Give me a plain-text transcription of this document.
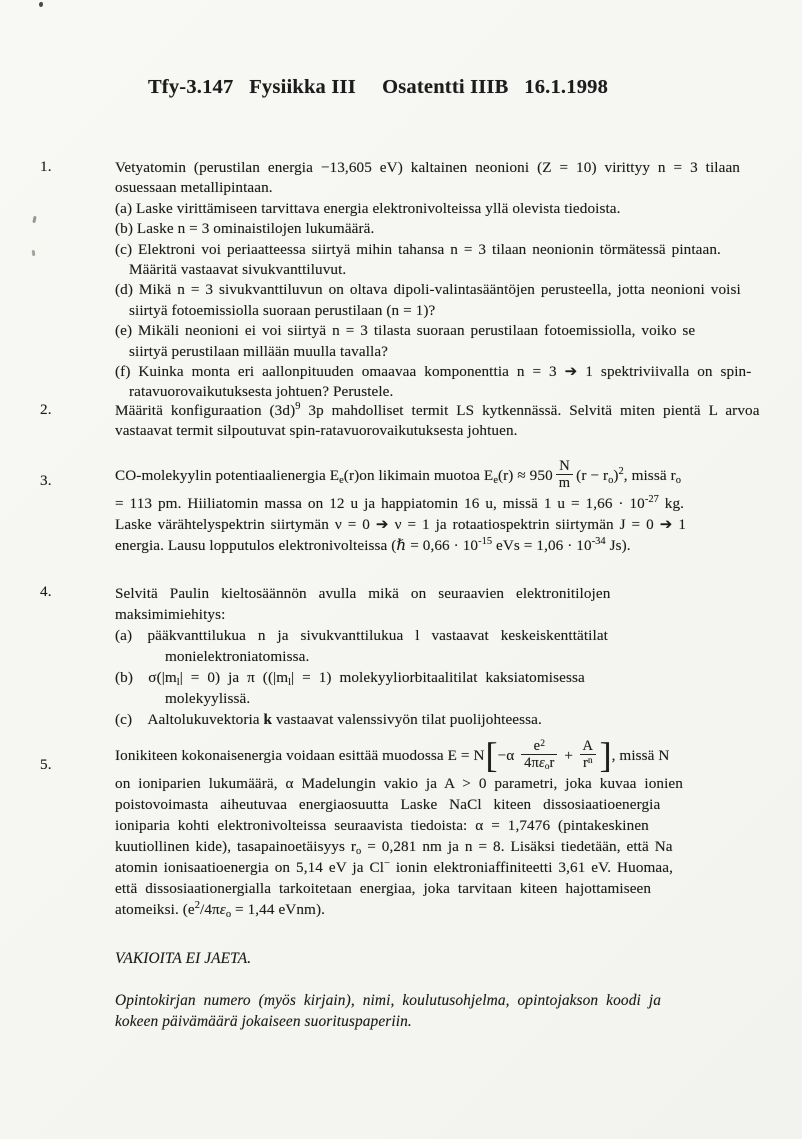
Tfy-3.147  Fysiikka III   Osatentti IIIB  16.1.1998
1.	Vetyatomin (perustilan energia −13,605 eV) kaltainen neonioni (Z = 10) virittyy n = 3 tilaan
osuessaan metallipintaan.
(a) Laske virittämiseen tarvittava energia elektronivolteissa yllä olevista tiedoista.
(b) Laske n = 3 ominaistilojen lukumäärä.
(c) Elektroni voi periaatteessa siirtyä mihin tahansa n = 3 tilaan neonionin törmätessä pintaan.
Määritä vastaavat sivukvanttiluvut.
(d) Mikä n = 3 sivukvanttiluvun on oltava dipoli-valintasääntöjen perusteella, jotta neonioni voisi
siirtyä fotoemissiolla suoraan perustilaan (n = 1)?
(e) Mikäli neonioni ei voi siirtyä n = 3 tilasta suoraan perustilaan fotoemissiolla, voiko se
siirtyä perustilaan millään muulla tavalla?
(f) Kuinka monta eri aallonpituuden omaavaa komponenttia n = 3 ➔ 1 spektriviivalla on spin-
ratavuorovaikutuksesta johtuen? Perustele.
2.	Määritä konfiguraation $(3d)^9$ 3p mahdolliset termit LS kytkennässä. Selvitä miten pientä L arvoa
vastaavat termit silpoutuvat spin-ratavuorovaikutuksesta johtuen.
3.	CO-molekyylin potentiaalienergia $E_e(r)on$ likimain muotoa $E_e(r) \approx 950 \frac{N}{m} (r - r_o)^2$, missä $r_o$
= 113 pm. Hiiliatomin massa on 12 u ja happiatomin 16 u, missä 1 $u = 1,66 \cdot 10^{-27}$ kg.
Laske värähtelyspektrin siirtymän ν = 0 ➔ ν = 1 ja rotaatiospektrin siirtymän J = 0 ➔ 1
energia. Lausu lopputulos elektronivolteissa (ℏ = $0,66 \cdot 10^{-15}$ eVs = $1,06 \cdot 10^{-34}$ Js).
4.	Selvitä Paulin kieltosäännön avulla mikä on seuraavien elektronitilojen
maksimimiehitys:
(a) pääkvanttilukua n ja sivukvanttilukua l vastaavat keskeiskenttätilat
monielektroniatomissa.
(b) $\sigma(|m_l| = 0)$ ja π ($(|m_l| = 1)$ molekyyliorbitaalitilat kaksiatomisessa
molekyylissä.
(c) Aaltolukuvektoria k vastaavat valenssivyön tilat puolijohteessa.
5.
Ionikiteen kokonaisenergia voidaan esittää muodossa $E = N[-\alpha \frac{e^2}{4\pi\varepsilon_or} + \frac{A}{r^n}$ ], missä N
on ioniparien lukumäärä, α Madelungin vakio ja A > 0 parametri, joka kuvaa ionien
poistovoimasta aiheutuvaa energiaosuutta Laske NaCl kiteen dissosiaatioenergia
ioniparia kohti elektronivolteissa seuraavista tiedoista: α = 1,7476 (pintakeskinen
kuutiollinen kide), tasapainoetäisyys $r_o = 0,281$ nm ja n = 8. Lisäksi tiedetään, että Na
atomin ionisaatioenergia on 5,14 eV ja Cl− ionin elektroniaffiniteetti 3,61 eV. Huomaa,
että dissosiaationergialla tarkoitetaan energiaa, joka tarvitaan kiteen hajottamiseen
atomeiksi. ($e^2/4\pi\varepsilon_o = 1,44$ eVnm).
VAKIOITA EI JAETA.
Opintokirjan numero (myös kirjain), nimi, koulutusohjelma, opintojakson koodi ja
kokeen päivämäärä jokaiseen suorituspaperiin.
